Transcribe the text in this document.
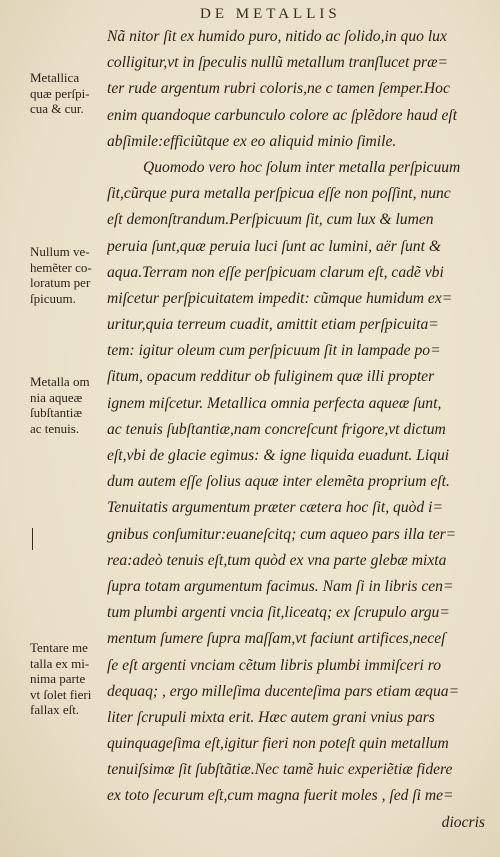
DE METALLIS
Metallica
quæ perſpi-
cua & cur.
Nullum ve-
hemẽter co-
loratum per
ſpicuum.
Metalla om
nia aqueæ
ſubſtantiæ
ac tenuis.
Tentare me
talla ex mi-
nima parte
vt ſolet fieri
fallax eſt.
Nã nitor ſit ex humido puro, nitido ac ſolido,in quo lux
colligitur,vt in ſpeculis nullũ metallum tranſlucet præ=
ter rude argentum rubri coloris,ne c tamen ſemper.Hoc
enim quandoque carbunculo colore ac ſplẽdore haud eſt
abſimile:efficiũtque ex eo aliquid minio ſimile.
Quomodo vero hoc ſolum inter metalla perſpicuum
ſit,cũrque pura metalla perſpicua eſſe non poſſint, nunc
eſt demonſtrandum.Perſpicuum ſit, cum lux & lumen
peruia ſunt,quæ peruia luci ſunt ac lumini, aër ſunt &
aqua.Terram non eſſe perſpicuam clarum eſt, cadẽ vbi
miſcetur perſpicuitatem impedit: cũmque humidum ex=
uritur,quia terreum cuadit, amittit etiam perſpicuita=
tem: igitur oleum cum perſpicuum ſit in lampade po=
ſitum, opacum redditur ob fuliginem quæ illi propter
ignem miſcetur. Metallica omnia perfecta aqueæ ſunt,
ac tenuis ſubſtantiæ,nam concreſcunt frigore,vt dictum
eſt,vbi de glacie egimus: & igne liquida euadunt. Liqui
dum autem eſſe ſolius aquæ inter elemẽta proprium eſt.
Tenuitatis argumentum præter cætera hoc ſit, quòd i=
gnibus conſumitur:euaneſcitq; cum aqueo pars illa ter=
rea:adeò tenuis eſt,tum quòd ex vna parte glebæ mixta
ſupra totam argumentum facimus. Nam ſi in libris cen=
tum plumbi argenti vncia ſit,liceatq; ex ſcrupulo argu=
mentum ſumere ſupra maſſam,vt faciunt artifices,neceſ
ſe eſt argenti vnciam cẽtum libris plumbi immiſceri ro
dequaq; , ergo milleſima ducenteſima pars etiam æqua=
liter ſcrupuli mixta erit. Hæc autem grani vnius pars
quinquageſima eſt,igitur fieri non poteſt quin metallum
tenuiſsimæ ſit ſubſtãtiæ.Nec tamẽ huic experiẽtiæ fidere
ex toto ſecurum eſt,cum magna fuerit moles , ſed ſi me=
diocris
